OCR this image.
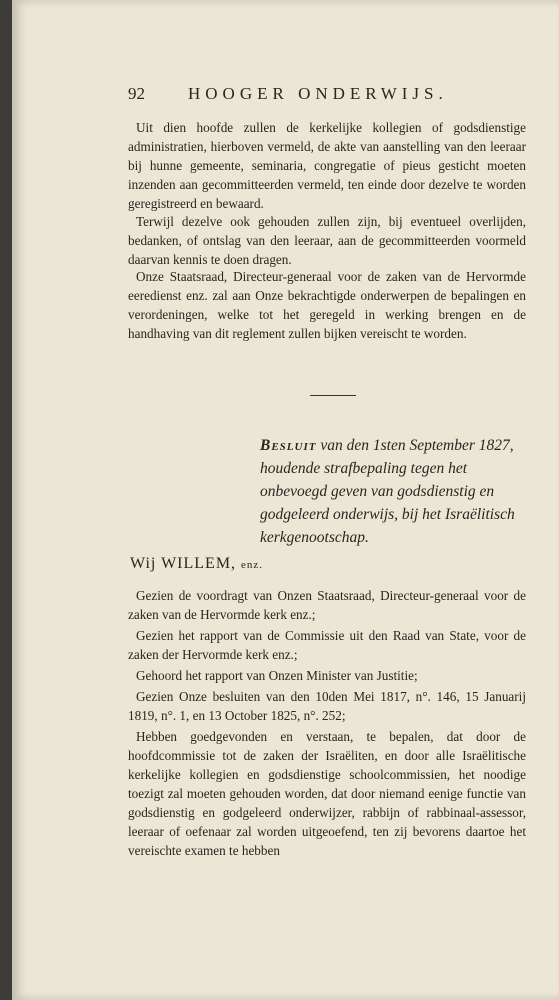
92	HOOGER ONDERWIJS.

Uit dien hoofde zullen de kerkelijke kollegien of godsdienstige administratien, hierboven vermeld, de akte van aanstelling van den leeraar bij hunne gemeente, seminaria, congregatie of pieus gesticht moeten inzenden aan gecommitteerden vermeld, ten einde door dezelve te worden geregistreerd en bewaard.

Terwijl dezelve ook gehouden zullen zijn, bij eventueel overlijden, bedanken, of ontslag van den leeraar, aan de gecommitteerden voormeld daarvan kennis te doen dragen.

Onze Staatsraad, Directeur-generaal voor de zaken van de Hervormde eeredienst enz. zal aan Onze bekrachtigde onderwerpen de bepalingen en verordeningen, welke tot het geregeld in werking brengen en de handhaving van dit reglement zullen bijken vereischt te worden.

Besluit van den 1sten September 1827, houdende strafbepaling tegen het onbevoegd geven van godsdienstig en godgeleerd onderwijs, bij het Israëlitisch kerkgenootschap.
Wij WILLEM, enz.

Gezien de voordragt van Onzen Staatsraad, Directeur-generaal voor de zaken van de Hervormde kerk enz.;

Gezien het rapport van de Commissie uit den Raad van State, voor de zaken der Hervormde kerk enz.;

Gehoord het rapport van Onzen Minister van Justitie;

Gezien Onze besluiten van den 10den Mei 1817, n°. 146, 15 Januarij 1819, n°. 1, en 13 October 1825, n°. 252;

Hebben goedgevonden en verstaan, te bepalen, dat door de hoofdcommissie tot de zaken der Israëliten, en door alle Israëlitische kerkelijke kollegien en godsdienstige schoolcommissien, het noodige toezigt zal moeten gehouden worden, dat door niemand eenige functie van godsdienstig en godgeleerd onderwijzer, rabbijn of rabbinaal-assessor, leeraar of oefenaar zal worden uitgeoefend, ten zij bevorens daartoe het vereischte examen te hebben
